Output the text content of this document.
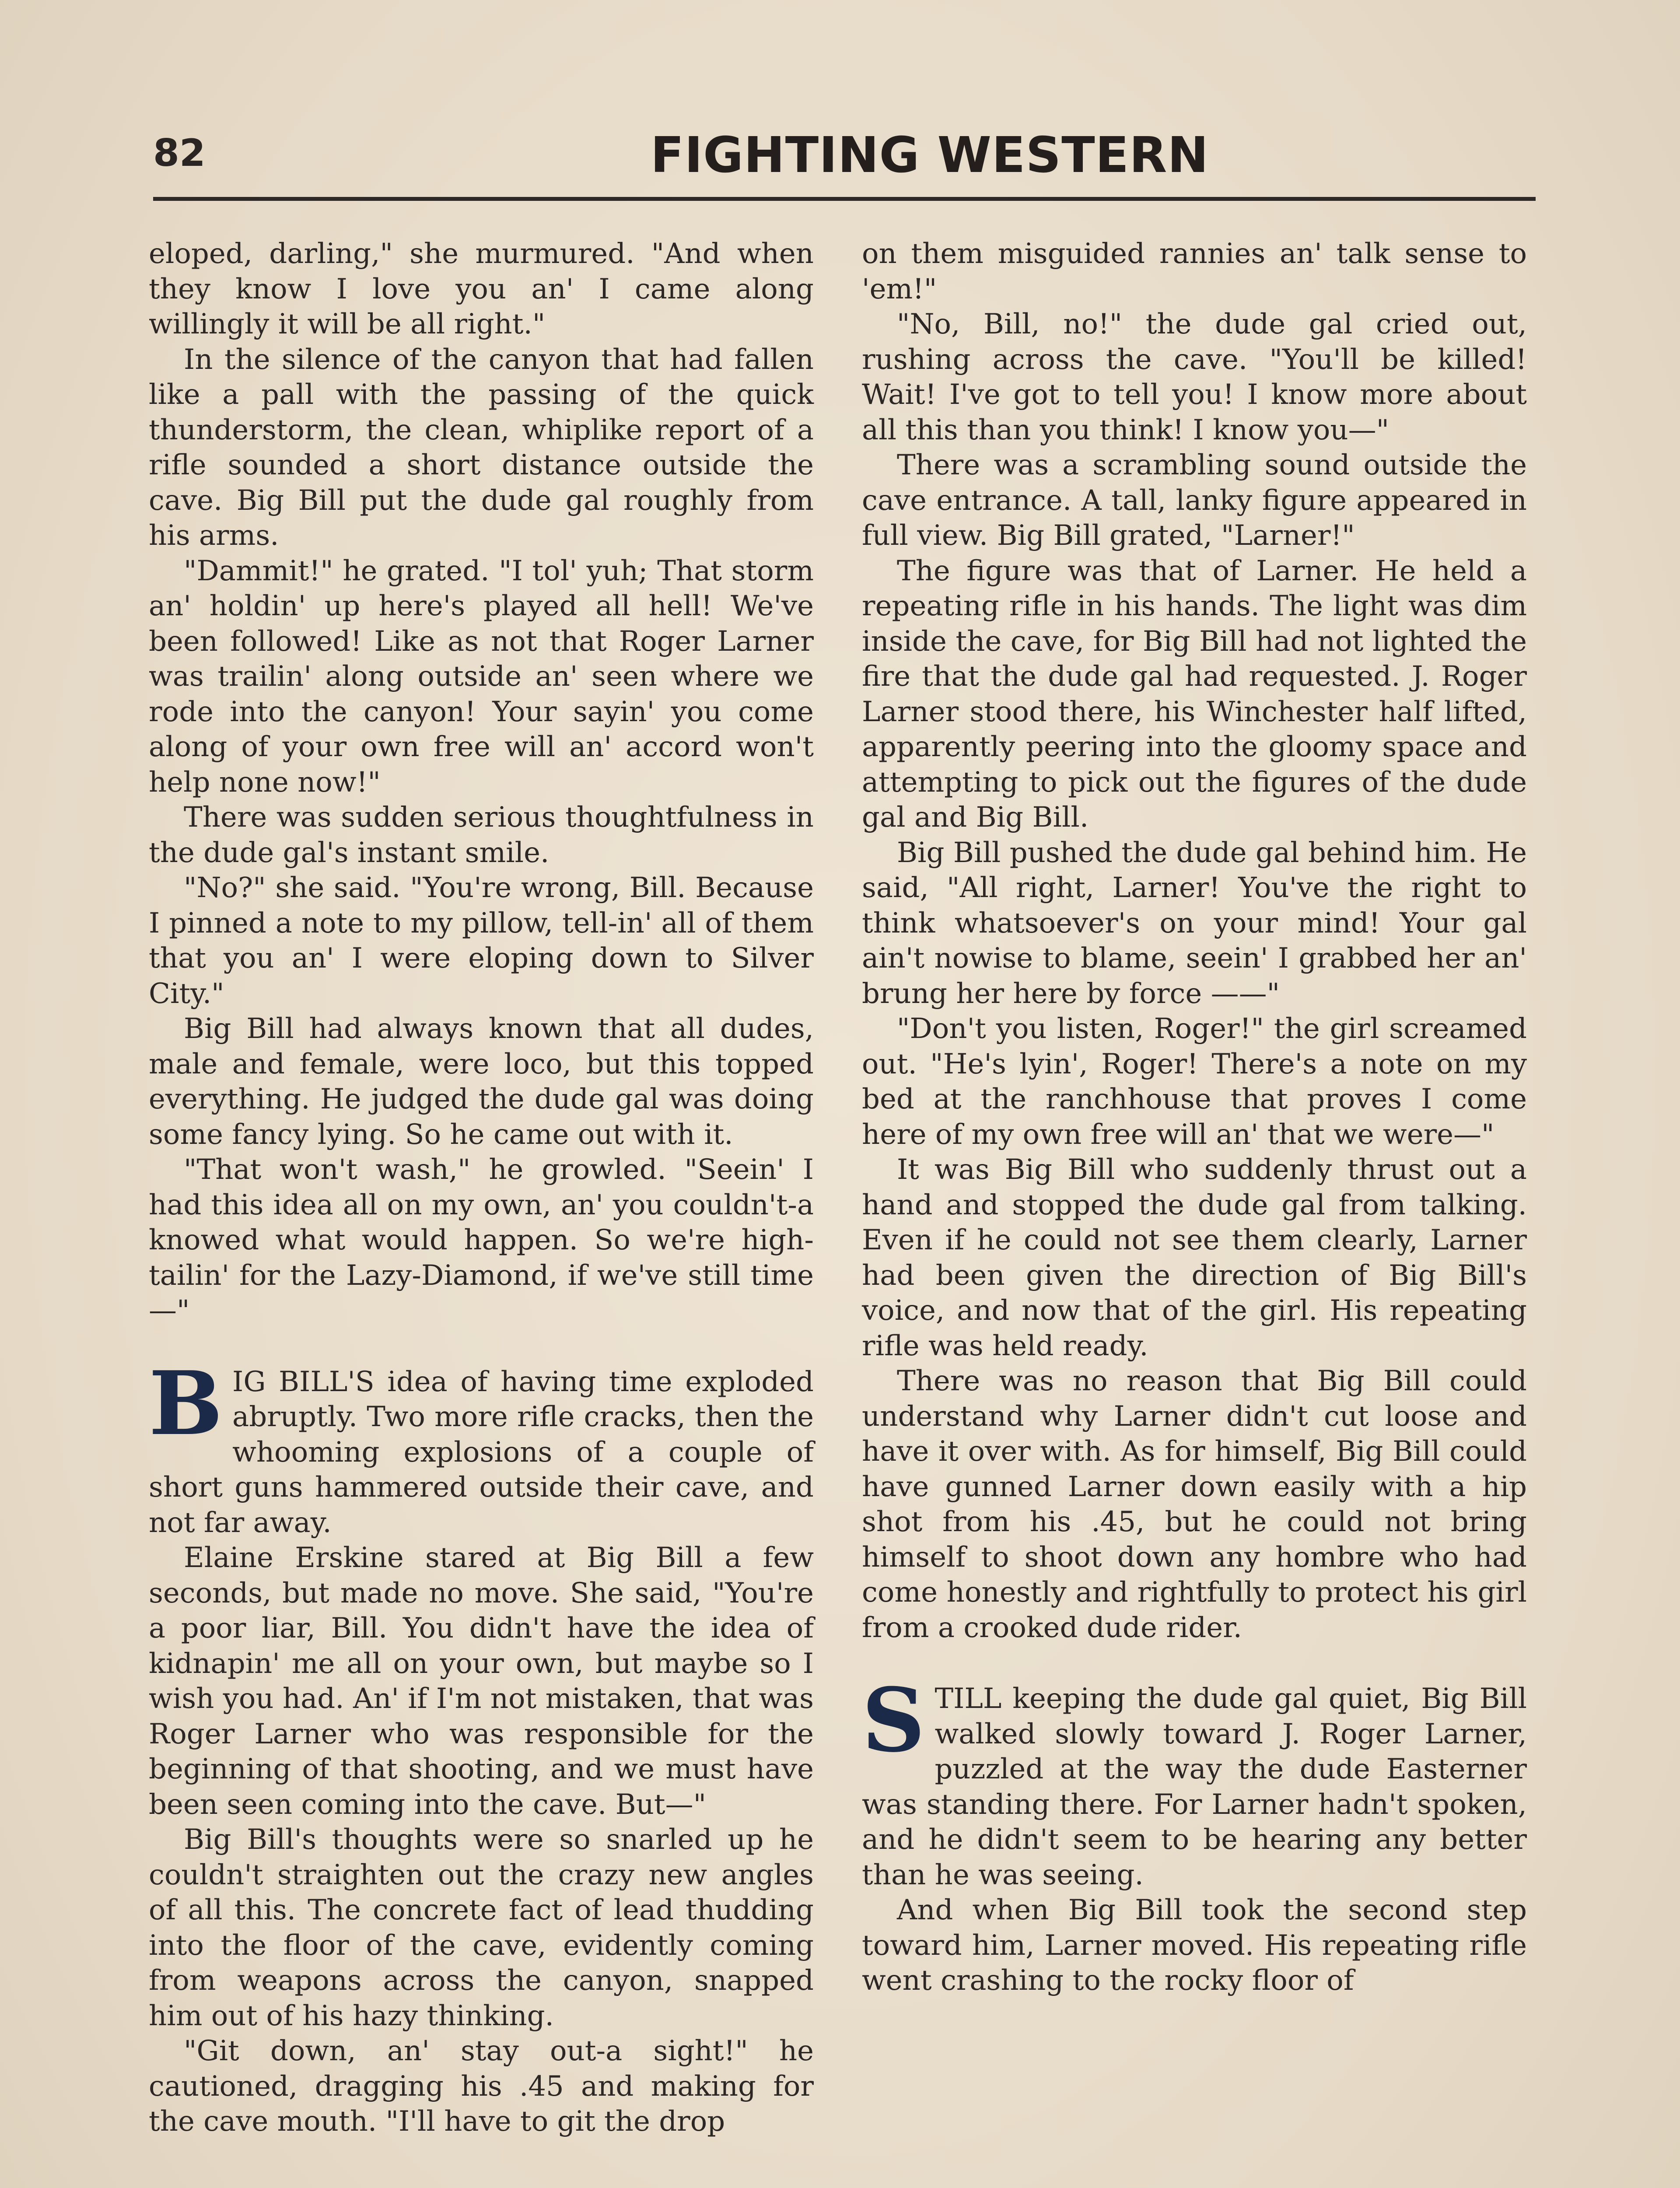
82	FIGHTING WESTERN

eloped, darling," she murmured. "And when they know I love you an' I came along willingly it will be all right."

In the silence of the canyon that had fallen like a pall with the passing of the quick thunderstorm, the clean, whiplike report of a rifle sounded a short distance outside the cave. Big Bill put the dude gal roughly from his arms.

"Dammit!" he grated. "I tol' yuh; That storm an' holdin' up here's played all hell! We've been followed! Like as not that Roger Larner was trailin' along outside an' seen where we rode into the canyon! Your sayin' you come along of your own free will an' accord won't help none now!"

There was sudden serious thoughtfulness in the dude gal's instant smile.

"No?" she said. "You're wrong, Bill. Because I pinned a note to my pillow, tell-in' all of them that you an' I were eloping down to Silver City."

Big Bill had always known that all dudes, male and female, were loco, but this topped everything. He judged the dude gal was doing some fancy lying. So he came out with it.

"That won't wash," he growled. "Seein' I had this idea all on my own, an' you couldn't-a knowed what would happen. So we're high-tailin' for the Lazy-Diamond, if we've still time—"

BIG BILL'S idea of having time exploded abruptly. Two more rifle cracks, then the whooming explosions of a couple of short guns hammered outside their cave, and not far away.

Elaine Erskine stared at Big Bill a few seconds, but made no move. She said, "You're a poor liar, Bill. You didn't have the idea of kidnapin' me all on your own, but maybe so I wish you had. An' if I'm not mistaken, that was Roger Larner who was responsible for the beginning of that shooting, and we must have been seen coming into the cave. But—"

Big Bill's thoughts were so snarled up he couldn't straighten out the crazy new angles of all this. The concrete fact of lead thudding into the floor of the cave, evidently coming from weapons across the canyon, snapped him out of his hazy thinking.

"Git down, an' stay out-a sight!" he cautioned, dragging his .45 and making for the cave mouth. "I'll have to git the drop

on them misguided rannies an' talk sense to 'em!"

"No, Bill, no!" the dude gal cried out, rushing across the cave. "You'll be killed! Wait! I've got to tell you! I know more about all this than you think! I know you—"

There was a scrambling sound outside the cave entrance. A tall, lanky figure appeared in full view. Big Bill grated, "Larner!"

The figure was that of Larner. He held a repeating rifle in his hands. The light was dim inside the cave, for Big Bill had not lighted the fire that the dude gal had requested. J. Roger Larner stood there, his Winchester half lifted, apparently peering into the gloomy space and attempting to pick out the figures of the dude gal and Big Bill.

Big Bill pushed the dude gal behind him. He said, "All right, Larner! You've the right to think whatsoever's on your mind! Your gal ain't nowise to blame, seein' I grabbed her an' brung her here by force ——"

"Don't you listen, Roger!" the girl screamed out. "He's lyin', Roger! There's a note on my bed at the ranchhouse that proves I come here of my own free will an' that we were—"

It was Big Bill who suddenly thrust out a hand and stopped the dude gal from talking. Even if he could not see them clearly, Larner had been given the direction of Big Bill's voice, and now that of the girl. His repeating rifle was held ready.

There was no reason that Big Bill could understand why Larner didn't cut loose and have it over with. As for himself, Big Bill could have gunned Larner down easily with a hip shot from his .45, but he could not bring himself to shoot down any hombre who had come honestly and rightfully to protect his girl from a crooked dude rider.

STILL keeping the dude gal quiet, Big Bill walked slowly toward J. Roger Larner, puzzled at the way the dude Easterner was standing there. For Larner hadn't spoken, and he didn't seem to be hearing any better than he was seeing.

And when Big Bill took the second step toward him, Larner moved. His repeating rifle went crashing to the rocky floor of
